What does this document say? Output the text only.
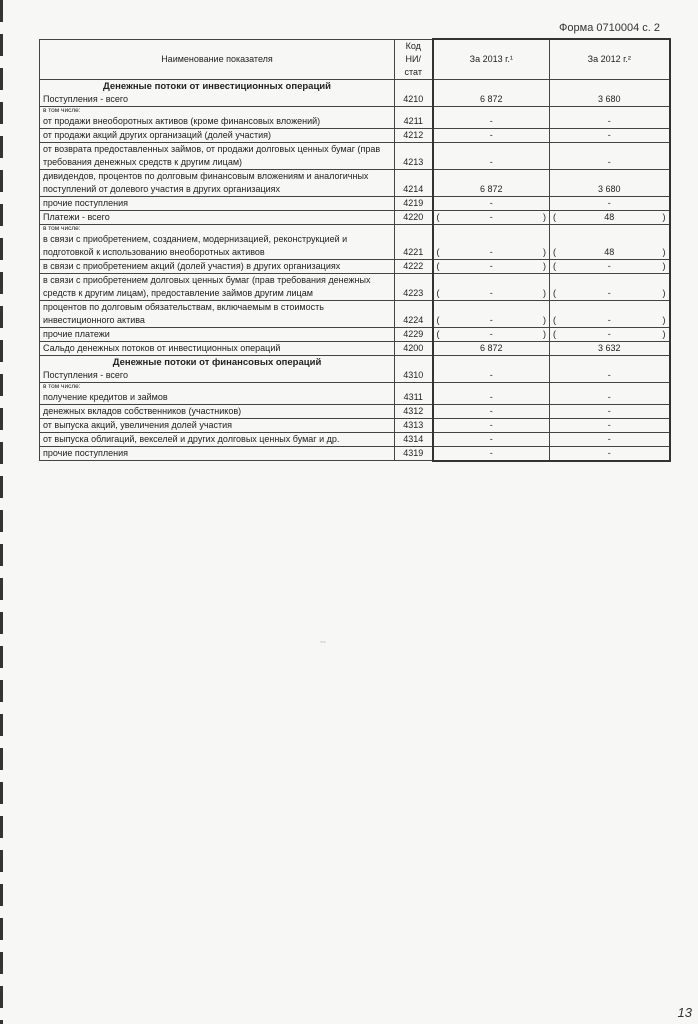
Форма 0710004 с. 2
Наименование показателя	Код НИ/стат	За 2013 г.¹	За 2012 г.²

Денежные потоки от инвестиционных операций
Поступления - всего	4210	6 872	3 680

в том числе:
от продажи внеоборотных активов (кроме финансовых вложений)	4211	-	-
от продажи акций других организаций (долей участия)	4212	-	-
от возврата предоставленных займов, от продажи долговых ценных бумаг (прав требования денежных средств к другим лицам)	4213	-	-
дивидендов, процентов по долговым финансовым вложениям и аналогичных поступлений от долевого участия в других организациях	4214	6 872	3 680
прочие поступления	4219	-	-
Платежи - всего	4220	( - )	( 48 )

в том числе:
в связи с приобретением, созданием, модернизацией, реконструкцией и подготовкой к использованию внеоборотных активов	4221	( - )	( 48 )

в связи с приобретением акций (долей участия) в других организациях	4222	( - )	( - )

в связи с приобретением долговых ценных бумаг (прав требования денежных средств к другим лицам), предоставление займов другим лицам	4223	( - )	( - )

процентов по долговым обязательствам, включаемым в стоимость инвестиционного актива	4224	( - )	( - )

прочие платежи	4229	( - )	( - )

Сальдо денежных потоков от инвестиционных операций	4200	6 872	3 632

Денежные потоки от финансовых операций
Поступления - всего	4310	-	-

в том числе:
получение кредитов и займов	4311	-	-
денежных вкладов собственников (участников)	4312	-	-
от выпуска акций, увеличения долей участия	4313	-	-
от выпуска облигаций, векселей и других долговых ценных бумаг и др.	4314	-	-
прочие поступления	4319	-	-
~~
13
